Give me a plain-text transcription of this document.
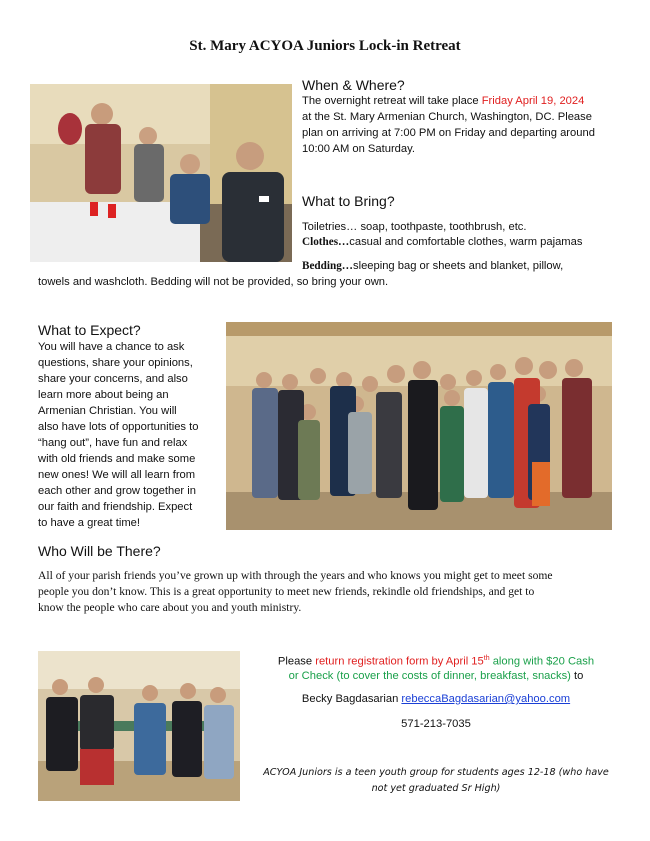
St. Mary ACYOA Juniors Lock-in Retreat
When & Where?
The overnight retreat will take place Friday April 19, 2024
at the St. Mary Armenian Church, Washington, DC. Please
plan on arriving at 7:00 PM on Friday and departing around
10:00 AM on Saturday.
What to Bring?
Toiletries… soap, toothpaste, toothbrush, etc.
Clothes…casual and comfortable clothes, warm pajamas
Bedding…sleeping bag or sheets and blanket, pillow,
towels and washcloth. Bedding will not be provided, so bring your own.
What to Expect?
You will have a chance to ask
questions, share your opinions,
share your concerns, and also
learn more about being an
Armenian Christian. You will
also have lots of opportunities to
“hang out”, have fun and relax
with old friends and make some
new ones! We will all learn from
each other and grow together in
our faith and friendship. Expect
to have a great time!
Who Will be There?
All of your parish friends you’ve grown up with through the years and who knows you might get to meet some
people you don’t know. This is a great opportunity to meet new friends, rekindle old friendships, and get to
know the people who care about you and youth ministry.
Please return registration form by April 15th along with $20 Cash
or Check (to cover the costs of dinner, breakfast, snacks) to
Becky Bagdasarian rebeccaBagdasarian@yahoo.com
571-213-7035
ACYOA Juniors is a teen youth group for students ages 12-18 (who have
not yet graduated Sr High)
